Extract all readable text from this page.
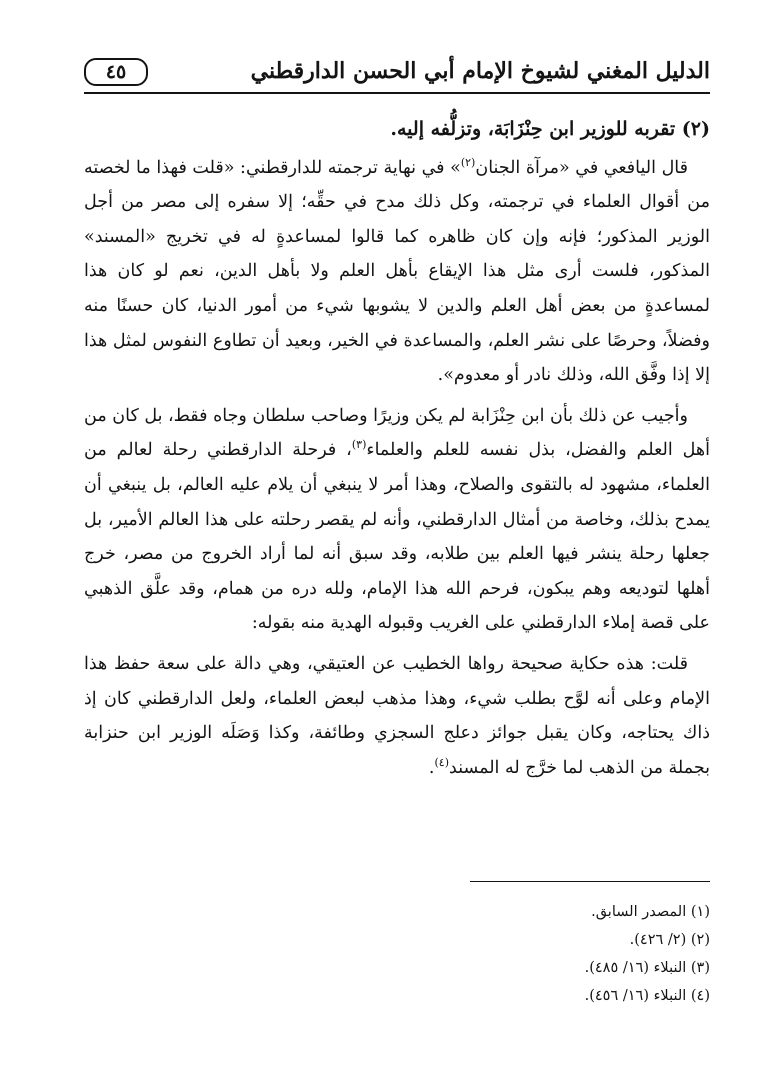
الدليل المغني لشيوخ الإمام أبي الحسن الدارقطني
٤٥

(٢) تقربه للوزير ابن حِنْزَابَة، وتزلُّفه إليه.

قال اليافعي في «مرآة الجنان$^{(٢)}$» في نهاية ترجمته للدارقطني: «قلت فهذا ما لخصته من أقوال العلماء في ترجمته، وكل ذلك مدح في حقِّه؛ إلا سفره إلى مصر من أجل الوزير المذكور؛ فإنه وإن كان ظاهره كما قالوا لمساعدةٍ له في تخريج «المسند» المذكور، فلست أرى مثل هذا الإيقاع بأهل العلم ولا بأهل الدين، نعم لو كان هذا لمساعدةٍ من بعض أهل العلم والدين لا يشوبها شيء من أمور الدنيا، كان حسنًا منه وفضلاً، وحرصًا على نشر العلم، والمساعدة في الخير، وبعيد أن تطاوع النفوس لمثل هذا إلا إذا وفَّق الله، وذلك نادر أو معدوم».

وأجيب عن ذلك بأن ابن حِنْزَابة لم يكن وزيرًا وصاحب سلطان وجاه فقط، بل كان من أهل العلم والفضل، بذل نفسه للعلم والعلماء$^{(٣)}$، فرحلة الدارقطني رحلة لعالم من العلماء، مشهود له بالتقوى والصلاح، وهذا أمر لا ينبغي أن يلام عليه العالم، بل ينبغي أن يمدح بذلك، وخاصة من أمثال الدارقطني، وأنه لم يقصر رحلته على هذا العالم الأمير، بل جعلها رحلة ينشر فيها العلم بين طلابه، وقد سبق أنه لما أراد الخروج من مصر، خرج أهلها لتوديعه وهم يبكون، فرحم الله هذا الإمام، ولله دره من همام، وقد علَّق الذهبي على قصة إملاء الدارقطني على الغريب وقبوله الهدية منه بقوله:

قلت: هذه حكاية صحيحة رواها الخطيب عن العتيقي، وهي دالة على سعة حفظ هذا الإمام وعلى أنه لوَّح بطلب شيء، وهذا مذهب لبعض العلماء، ولعل الدارقطني كان إذ ذاك يحتاجه، وكان يقبل جوائز دعلج السجزي وطائفة، وكذا وَصَلَه الوزير ابن حنزابة بجملة من الذهب لما خرَّج له المسند$^{(٤)}$.

(١) المصدر السابق.

(٢) (٢/ ٤٢٦).

(٣) النبلاء (١٦/ ٤٨٥).

(٤) النبلاء (١٦/ ٤٥٦).
